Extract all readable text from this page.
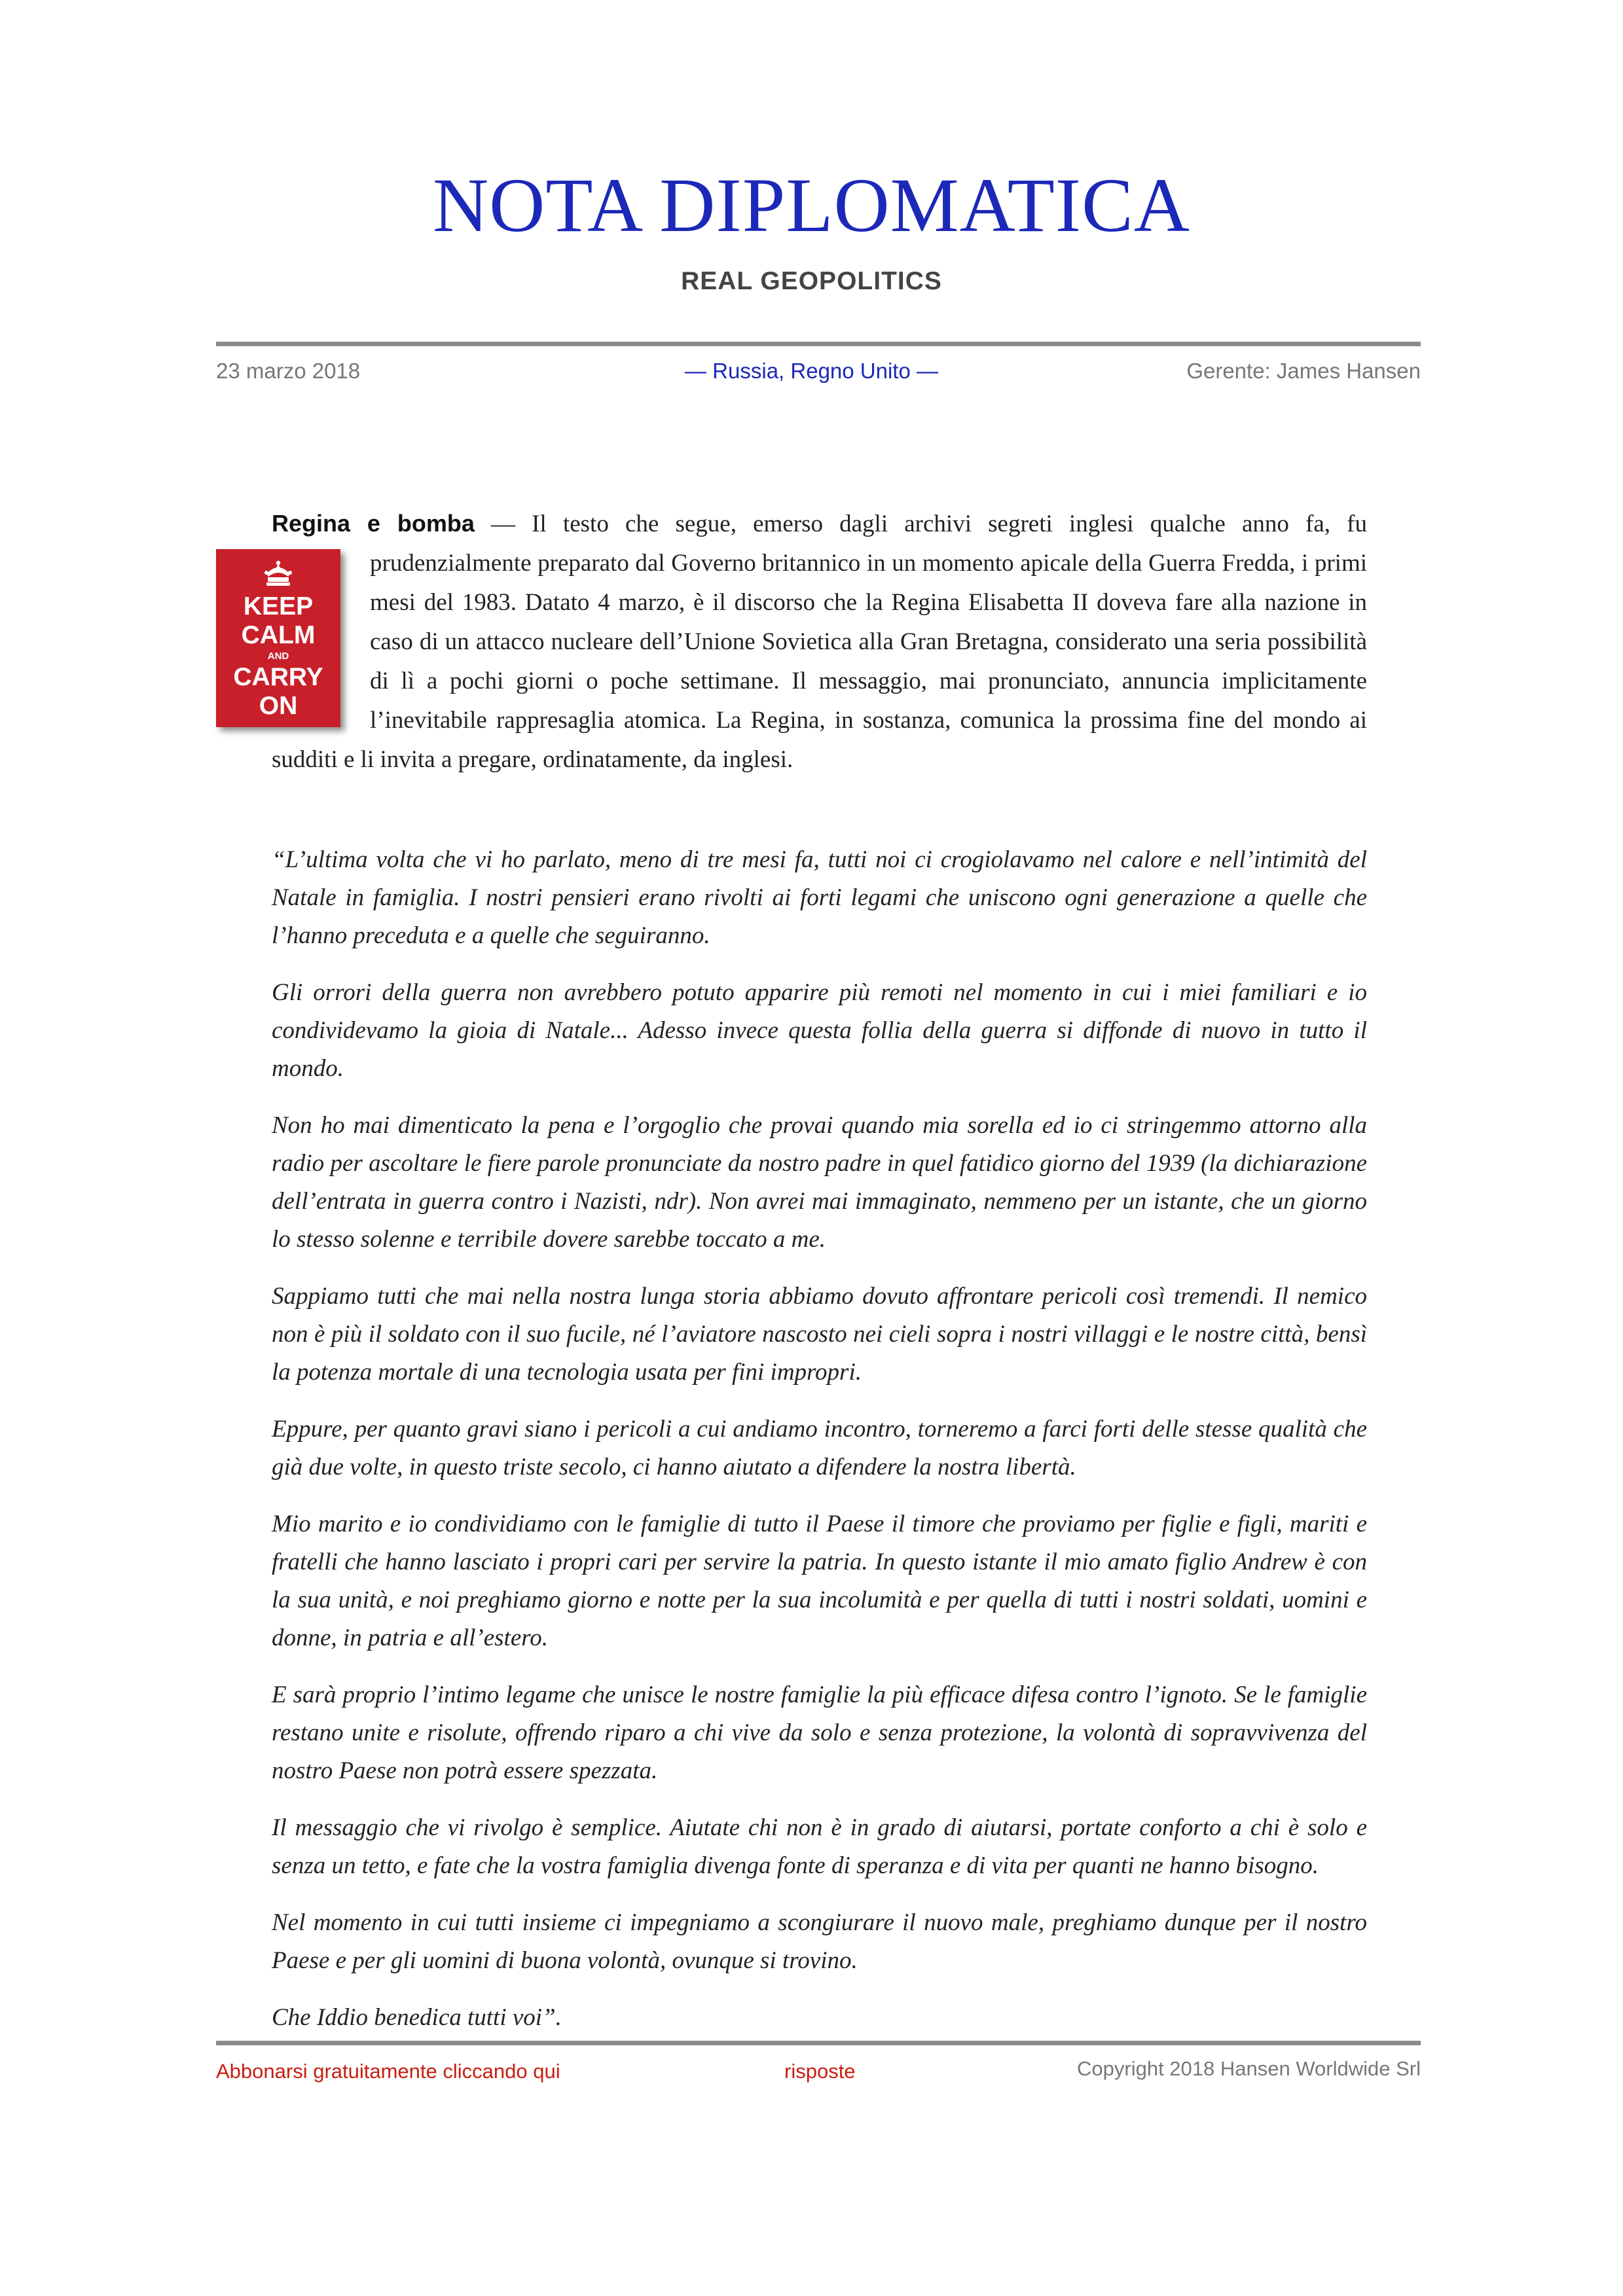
NOTA DIPLOMATICA
REAL GEOPOLITICS
23 marzo 2018	— Russia, Regno Unito —	Gerente: James Hansen
Regina e bomba — Il testo che segue, emerso dagli archivi segreti inglesi qualche anno fa, fu prudenzialmente preparato dal Governo britannico in un momento apicale della Guerra Fredda, i primi
KEEP
CALM
AND
CARRY
ON
mesi del 1983. Datato 4 marzo, è il discorso che la Regina Elisabetta II doveva fare alla nazione in caso di un attacco nucleare dell’Unione Sovietica alla Gran Bretagna, considerato una seria possibilità di lì a pochi giorni o poche settimane. Il messaggio, mai pronunciato, annuncia implicitamente l’inevitabile rappresaglia atomica. La Regina, in sostanza, comunica la prossima fine del mondo ai sudditi e li invita a pregare, ordinatamente, da inglesi.

“L’ultima volta che vi ho parlato, meno di tre mesi fa, tutti noi ci crogiolavamo nel calore e nell’intimità del Natale in famiglia. I nostri pensieri erano rivolti ai forti legami che uniscono ogni generazione a quelle che l’hanno preceduta e a quelle che seguiranno.

Gli orrori della guerra non avrebbero potuto apparire più remoti nel momento in cui i miei familiari e io condividevamo la gioia di Natale... Adesso invece questa follia della guerra si diffonde di nuovo in tutto il mondo.

Non ho mai dimenticato la pena e l’orgoglio che provai quando mia sorella ed io ci stringemmo attorno alla radio per ascoltare le fiere parole pronunciate da nostro padre in quel fatidico giorno del 1939 (la dichiarazione dell’entrata in guerra contro i Nazisti, ndr). Non avrei mai immaginato, nemmeno per un istante, che un giorno lo stesso solenne e terribile dovere sarebbe toccato a me.

Sappiamo tutti che mai nella nostra lunga storia abbiamo dovuto affrontare pericoli così tremendi. Il nemico non è più il soldato con il suo fucile, né l’aviatore nascosto nei cieli sopra i nostri villaggi e le nostre città, bensì la potenza mortale di una tecnologia usata per fini impropri.

Eppure, per quanto gravi siano i pericoli a cui andiamo incontro, torneremo a farci forti delle stesse qualità che già due volte, in questo triste secolo, ci hanno aiutato a difendere la nostra libertà.

Mio marito e io condividiamo con le famiglie di tutto il Paese il timore che proviamo per figlie e figli, mariti e fratelli che hanno lasciato i propri cari per servire la patria. In questo istante il mio amato figlio Andrew è con la sua unità, e noi preghiamo giorno e notte per la sua incolumità e per quella di tutti i nostri soldati, uomini e donne, in patria e all’estero.

E sarà proprio l’intimo legame che unisce le nostre famiglie la più efficace difesa contro l’ignoto. Se le famiglie restano unite e risolute, offrendo riparo a chi vive da solo e senza protezione, la volontà di sopravvivenza del nostro Paese non potrà essere spezzata.

Il messaggio che vi rivolgo è semplice. Aiutate chi non è in grado di aiutarsi, portate conforto a chi è solo e senza un tetto, e fate che la vostra famiglia divenga fonte di speranza e di vita per quanti ne hanno bisogno.

Nel momento in cui tutti insieme ci impegniamo a scongiurare il nuovo male, preghiamo dunque per il nostro Paese e per gli uomini di buona volontà, ovunque si trovino.

Che Iddio benedica tutti voi”.

Abbonarsi gratuitamente cliccando qui	risposte	Copyright 2018 Hansen Worldwide Srl
